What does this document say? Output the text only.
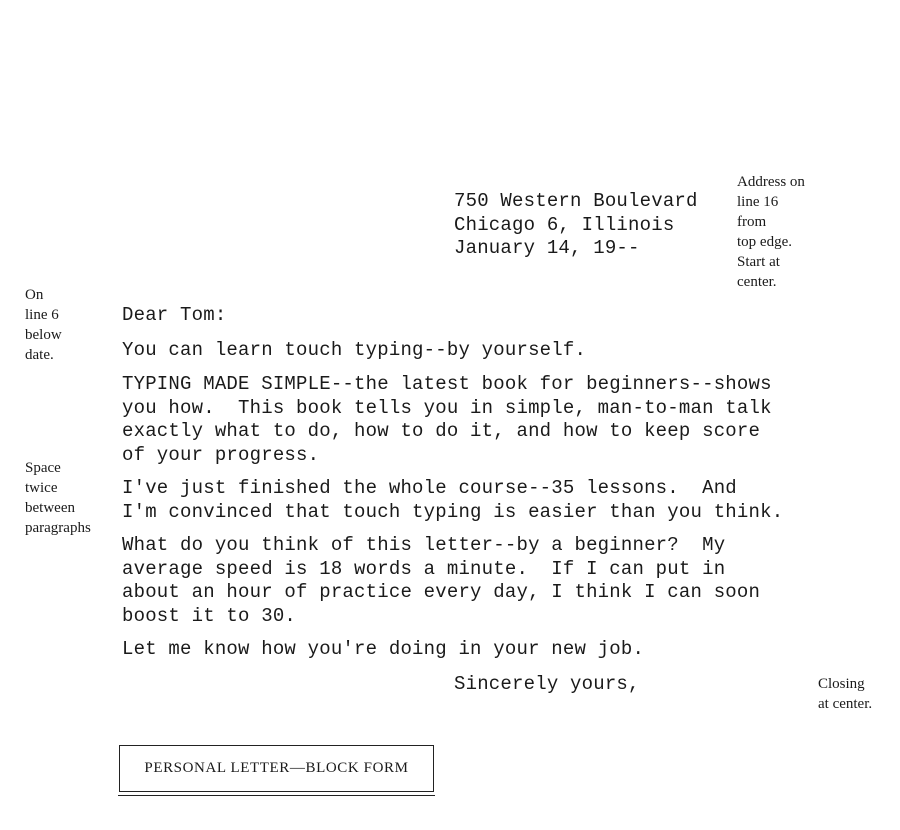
750 Western Boulevard
Chicago 6, Illinois
January 14, 19--
Address on
line 16
from
top edge.
Start at
center.
On
line 6
below
date.
Dear Tom:
You can learn touch typing--by yourself.
TYPING MADE SIMPLE--the latest book for beginners--shows
you how.  This book tells you in simple, man-to-man talk
exactly what to do, how to do it, and how to keep score
of your progress.
Space
twice
between
paragraphs
I've just finished the whole course--35 lessons.  And
I'm convinced that touch typing is easier than you think.
What do you think of this letter--by a beginner?  My
average speed is 18 words a minute.  If I can put in
about an hour of practice every day, I think I can soon
boost it to 30.
Let me know how you're doing in your new job.
Sincerely yours,	Closing
at center.
PERSONAL LETTER—BLOCK FORM
